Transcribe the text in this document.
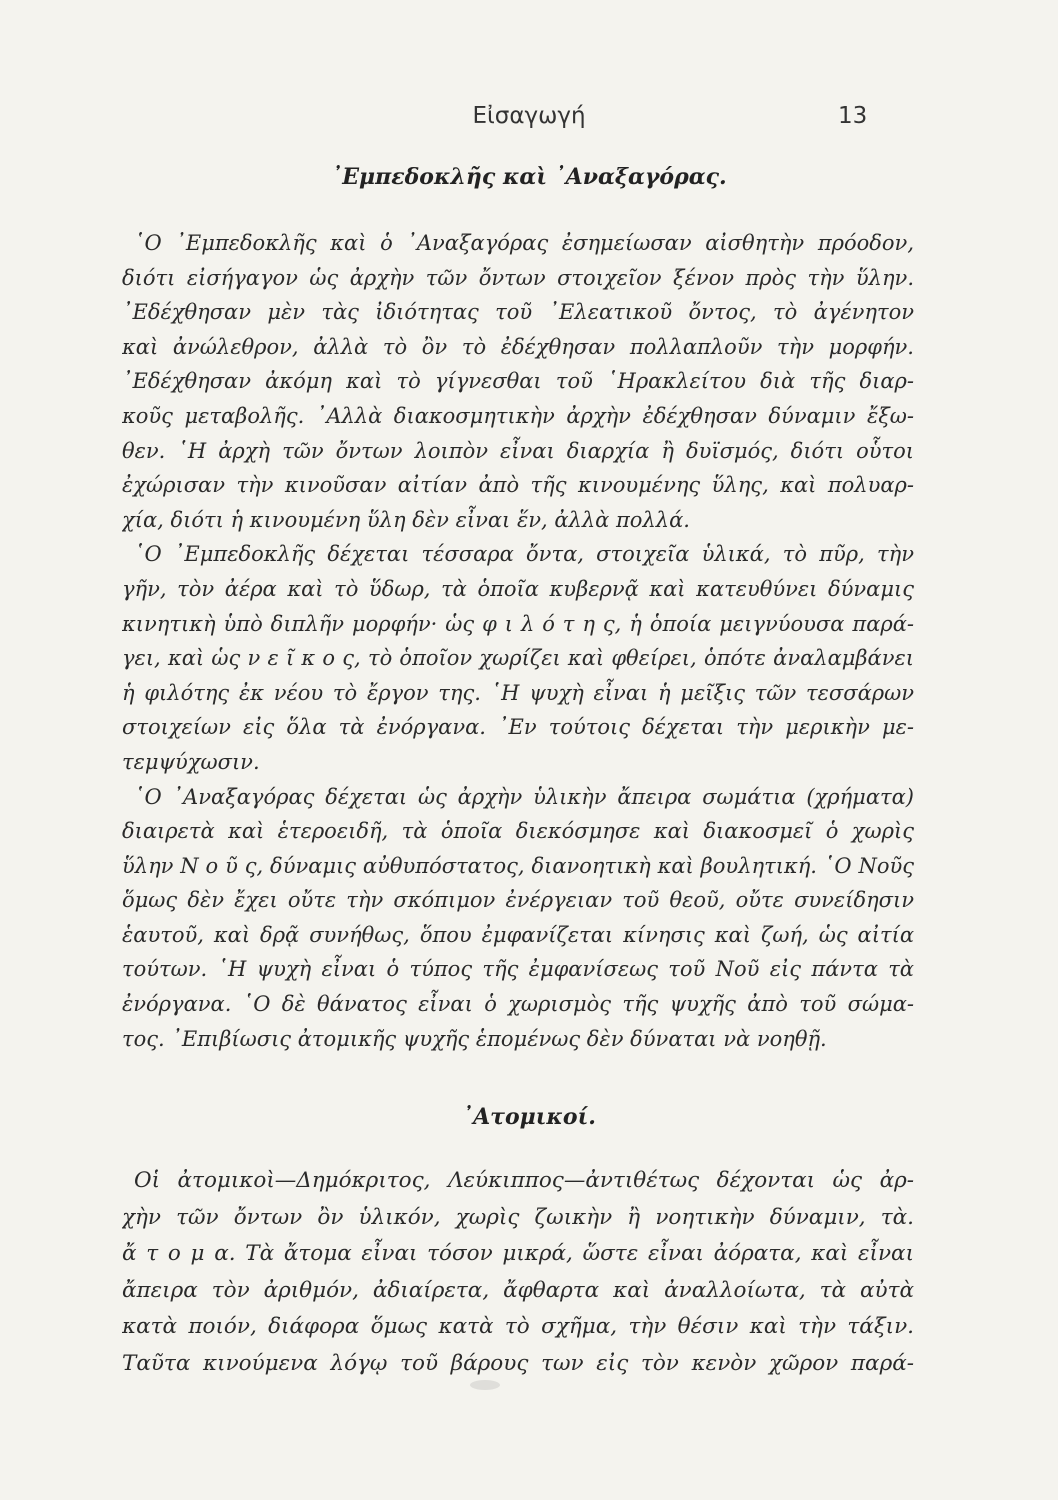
Εἰσαγωγή	13
᾿Εμπεδοκλῆς καὶ ᾿Αναξαγόρας.

῾Ο ᾿Εμπεδοκλῆς καὶ ὁ ᾿Αναξαγόρας ἐσημείωσαν αἰσθητὴν πρόοδον,
διότι εἰσήγαγον ὡς ἀρχὴν τῶν ὄντων στοιχεῖον ξένον πρὸς τὴν ὕλην.
᾿Εδέχθησαν μὲν τὰς ἰδιότητας τοῦ ᾿Ελεατικοῦ ὄντος, τὸ ἀγένητον
καὶ ἀνώλεθρον, ἀλλὰ τὸ ὂν τὸ ἐδέχθησαν πολλαπλοῦν τὴν μορφήν.
᾿Εδέχθησαν ἀκόμη καὶ τὸ γίγνεσθαι τοῦ ῾Ηρακλείτου διὰ τῆς διαρ-
κοῦς μεταβολῆς. ᾿Αλλὰ διακοσμητικὴν ἀρχὴν ἐδέχθησαν δύναμιν ἔξω-
θεν. ῾Η ἀρχὴ τῶν ὄντων λοιπὸν εἶναι διαρχία ἢ δυϊσμός, διότι οὗτοι
ἐχώρισαν τὴν κινοῦσαν αἰτίαν ἀπὸ τῆς κινουμένης ὕλης, καὶ πολυαρ-
χία, διότι ἡ κινουμένη ὕλη δὲν εἶναι ἕν, ἀλλὰ πολλά.

῾Ο ᾿Εμπεδοκλῆς δέχεται τέσσαρα ὄντα, στοιχεῖα ὑλικά, τὸ πῦρ, τὴν
γῆν, τὸν ἀέρα καὶ τὸ ὕδωρ, τὰ ὁποῖα κυβερνᾷ καὶ κατευθύνει δύναμις
κινητικὴ ὑπὸ διπλῆν μορφήν· ὡς φ ι λ ό τ η ς, ἡ ὁποία μειγνύουσα παρά-
γει, καὶ ὡς ν ε ῖ κ ο ς, τὸ ὁποῖον χωρίζει καὶ φθείρει, ὁπότε ἀναλαμβάνει
ἡ φιλότης ἐκ νέου τὸ ἔργον της. ῾Η ψυχὴ εἶναι ἡ μεῖξις τῶν τεσσάρων
στοιχείων εἰς ὅλα τὰ ἐνόργανα. ᾿Εν τούτοις δέχεται τὴν μερικὴν με-
τεμψύχωσιν.

῾Ο ᾿Αναξαγόρας δέχεται ὡς ἀρχὴν ὑλικὴν ἄπειρα σωμάτια (χρήματα)
διαιρετὰ καὶ ἑτεροειδῆ, τὰ ὁποῖα διεκόσμησε καὶ διακοσμεῖ ὁ χωρὶς
ὕλην Ν ο ῦ ς, δύναμις αὐθυπόστατος, διανοητικὴ καὶ βουλητική. ῾Ο Νοῦς
ὅμως δὲν ἔχει οὔτε τὴν σκόπιμον ἐνέργειαν τοῦ θεοῦ, οὔτε συνείδησιν
ἑαυτοῦ, καὶ δρᾷ συνήθως, ὅπου ἐμφανίζεται κίνησις καὶ ζωή, ὡς αἰτία
τούτων. ῾Η ψυχὴ εἶναι ὁ τύπος τῆς ἐμφανίσεως τοῦ Νοῦ εἰς πάντα τὰ
ἐνόργανα. ῾Ο δὲ θάνατος εἶναι ὁ χωρισμὸς τῆς ψυχῆς ἀπὸ τοῦ σώμα-
τος. ᾿Επιβίωσις ἀτομικῆς ψυχῆς ἑπομένως δὲν δύναται νὰ νοηθῇ.

᾿Ατομικοί.

Οἱ ἀτομικοὶ—Δημόκριτος, Λεύκιππος—ἀντιθέτως δέχονται ὡς ἀρ-
χὴν τῶν ὄντων ὂν ὑλικόν, χωρὶς ζωικὴν ἢ νοητικὴν δύναμιν, τὰ.
ἄ τ ο μ α. Τὰ ἄτομα εἶναι τόσον μικρά, ὥστε εἶναι ἀόρατα, καὶ εἶναι
ἄπειρα τὸν ἀριθμόν, ἀδιαίρετα, ἄφθαρτα καὶ ἀναλλοίωτα, τὰ αὐτὰ
κατὰ ποιόν, διάφορα ὅμως κατὰ τὸ σχῆμα, τὴν θέσιν καὶ τὴν τάξιν.
Ταῦτα κινούμενα λόγῳ τοῦ βάρους των εἰς τὸν κενὸν χῶρον παρά-
